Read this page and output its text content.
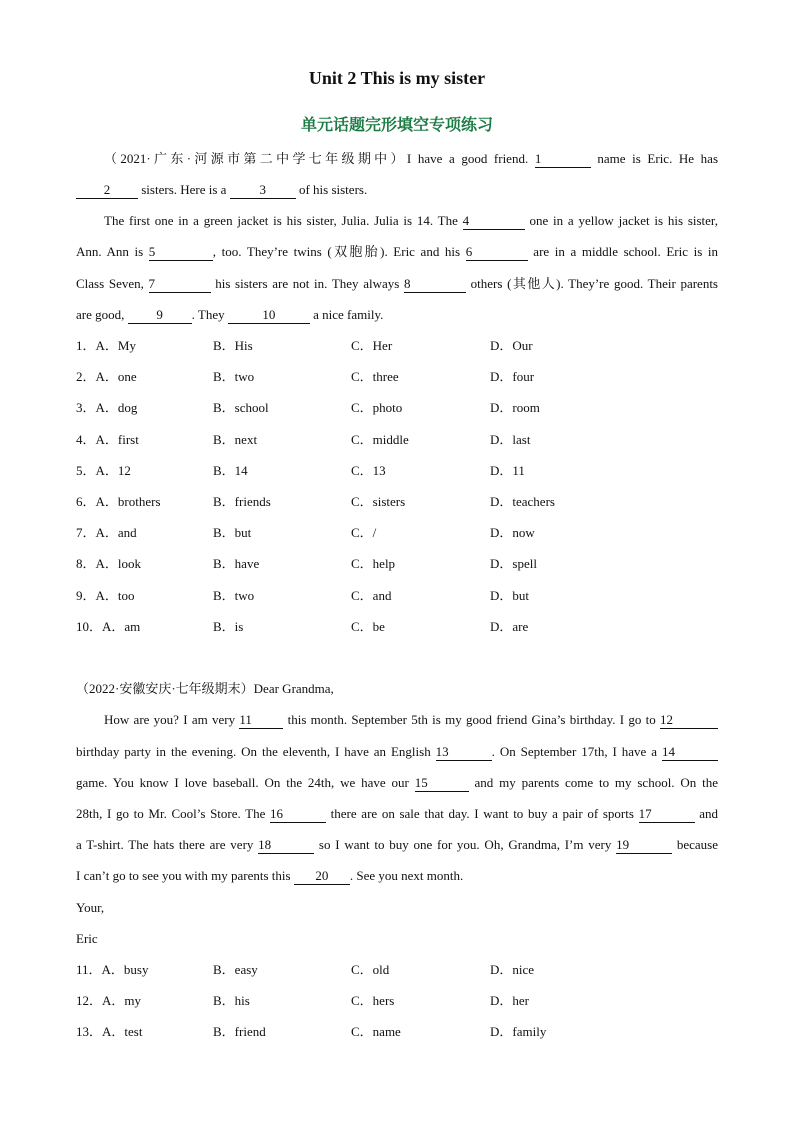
Unit 2 This is my sister
单元话题完形填空专项练习
（2021·广东·河源市第二中学七年级期中）I have a good friend. 1	name is Eric. He has
2 sisters. Here is a 3 of his sisters.
The first one in a green jacket is his sister, Julia. Julia is 14. The 4	one in a yellow jacket is his sister,
Ann. Ann is 5	, too. They’re twins (双胞胎). Eric and his 6	are in a middle school. Eric is in
Class Seven, 7	his sisters are not in. They always 8	others (其他人). They’re good. Their parents
are good, 9 . They	10	a nice family.
1．A．My	B．His	C．Her	D．Our
2．A．one	B．two	C．three	D．four
3．A．dog	B．school	C．photo	D．room
4．A．first	B．next	C．middle	D．last
5．A．12	B．14	C．13	D．11
6．A．brothers	B．friends	C．sisters	D．teachers
7．A．and	B．but	C．/	D．now
8．A．look	B．have	C．help	D．spell
9．A．too	B．two	C．and	D．but
10．A．am	B．is	C．be	D．are
（2022·安徽安庆·七年级期末）Dear Grandma,
How are you? I am very 11 this month. September 5th is my good friend Gina’s birthday. I go to 12
birthday party in the evening. On the eleventh, I have an English 13	. On September 17th, I have a 14
game. You know I love baseball. On the 24th, we have our 15	and my parents come to my school. On the
28th, I go to Mr. Cool’s Store. The 16	there are on sale that day. I want to buy a pair of sports 17	and
a T-shirt. The hats there are very 18	so I want to buy one for you. Oh, Grandma, I’m very 19	because
I can’t go to see you with my parents this 20 . See you next month.
Your,
Eric
11．A．busy	B．easy	C．old	D．nice
12．A．my	B．his	C．hers	D．her
13．A．test	B．friend	C．name	D．family
